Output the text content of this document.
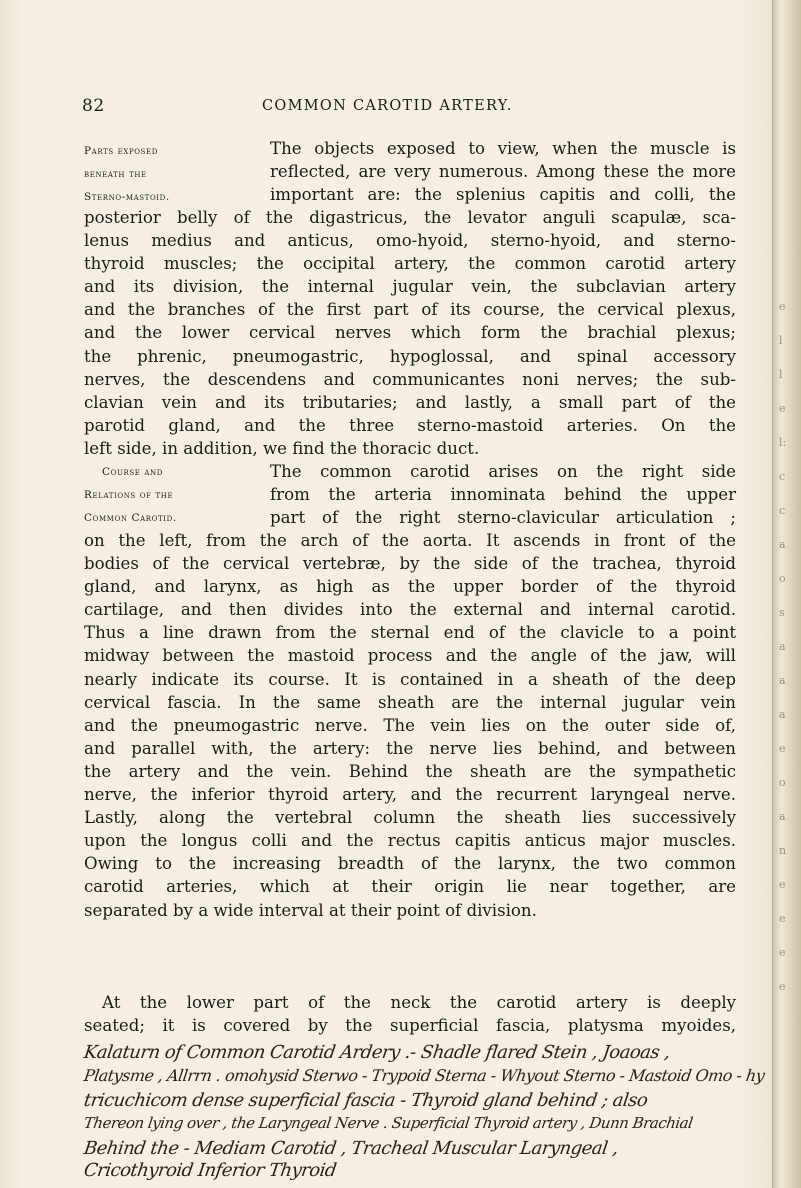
e
l
l
e
l:
c
c
a
o
s
a
a
a
e
o
a
n
e
e
e
e
82	COMMON CAROTID ARTERY.
Parts exposed
beneath the
Sterno-mastoid.
The objects exposed to view, when the muscle is
reflected, are very numerous. Among these the more
important are: the splenius capitis and colli, the
posterior belly of the digastricus, the levator anguli scapulæ, sca-
lenus medius and anticus, omo-hyoid, sterno-hyoid, and sterno-
thyroid muscles; the occipital artery, the common carotid artery
and its division, the internal jugular vein, the subclavian artery
and the branches of the first part of its course, the cervical plexus,
and the lower cervical nerves which form the brachial plexus;
the phrenic, pneumogastric, hypoglossal, and spinal accessory
nerves, the descendens and communicantes noni nerves; the sub-
clavian vein and its tributaries; and lastly, a small part of the
parotid gland, and the three sterno-mastoid arteries. On the
left side, in addition, we find the thoracic duct.
Course and
Relations of the
Common Carotid.
The common carotid arises on the right side
from the arteria innominata behind the upper
part of the right sterno-clavicular articulation ;
on the left, from the arch of the aorta. It ascends in front of the
bodies of the cervical vertebræ, by the side of the trachea, thyroid
gland, and larynx, as high as the upper border of the thyroid
cartilage, and then divides into the external and internal carotid.
Thus a line drawn from the sternal end of the clavicle to a point
midway between the mastoid process and the angle of the jaw, will
nearly indicate its course. It is contained in a sheath of the deep
cervical fascia. In the same sheath are the internal jugular vein
and the pneumogastric nerve. The vein lies on the outer side of,
and parallel with, the artery: the nerve lies behind, and between
the artery and the vein. Behind the sheath are the sympathetic
nerve, the inferior thyroid artery, and the recurrent laryngeal nerve.
Lastly, along the vertebral column the sheath lies successively
upon the longus colli and the rectus capitis anticus major muscles.
Owing to the increasing breadth of the larynx, the two common
carotid arteries, which at their origin lie near together, are
separated by a wide interval at their point of division.
At the lower part of the neck the carotid artery is deeply
seated; it is covered by the superficial fascia, platysma myoides,
Kalaturn of Common Carotid Ardery .- Shadle flared Stein , Joaoas ,
Platysme , Allrrn . omohysid Sterwo - Trypoid Sterna - Whyout Sterno - Mastoid Omo - hy
tricuchicom dense superficial fascia - Thyroid gland behind ; also
Thereon lying over , the Laryngeal Nerve . Superficial Thyroid artery , Dunn Brachial
Behind the - Mediam Carotid , Tracheal Muscular Laryngeal ,
Cricothyroid Inferior Thyroid
